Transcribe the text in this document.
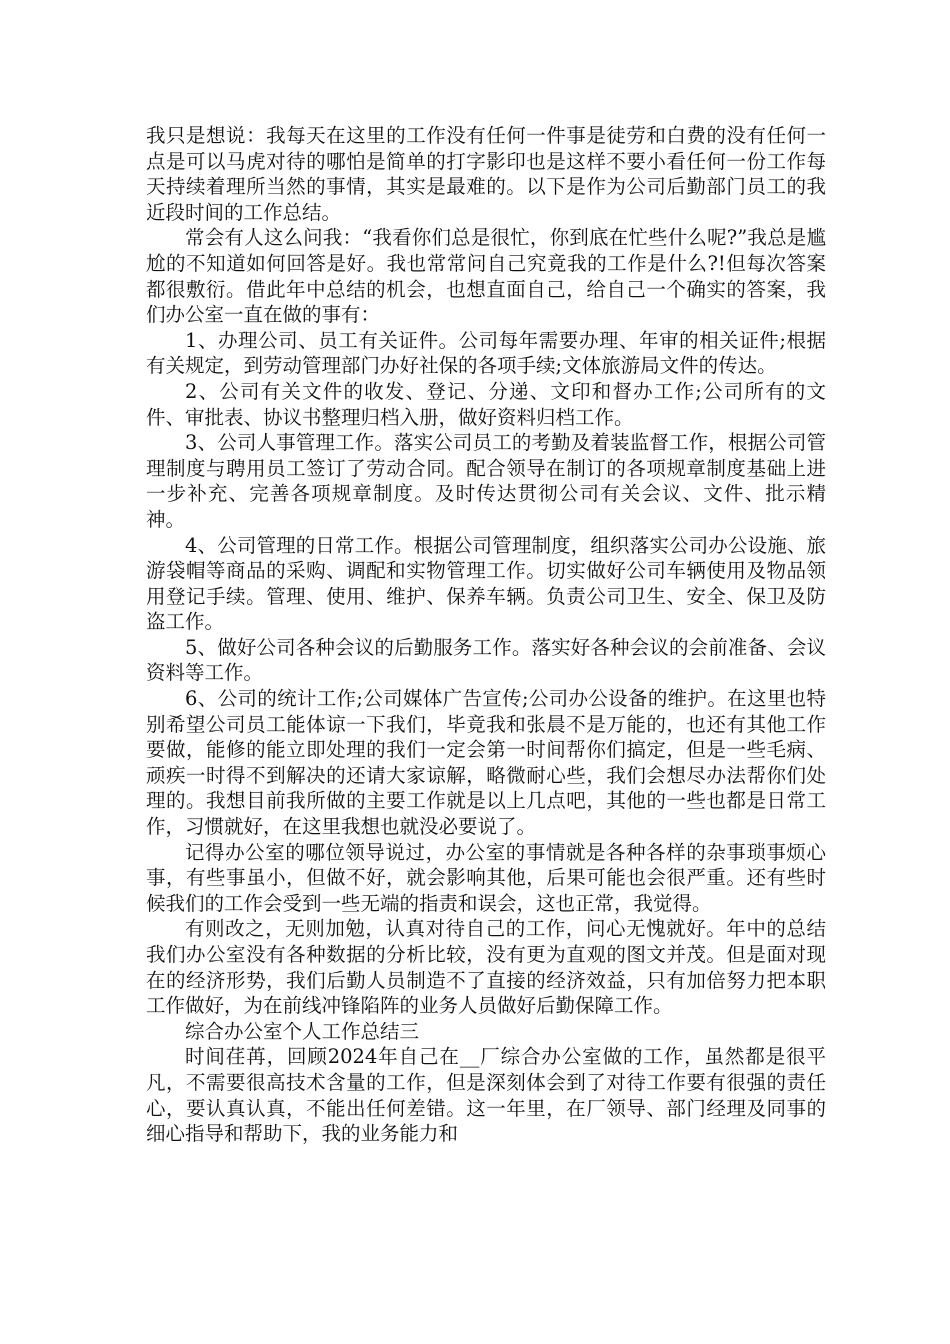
我只是想说：我每天在这里的工作没有任何一件事是徒劳和白费的没有任何一点是可以马虎对待的哪怕是简单的打字影印也是这样不要小看任何一份工作每天持续着理所当然的事情，其实是最难的。以下是作为公司后勤部门员工的我近段时间的工作总结。

常会有人这么问我：“我看你们总是很忙，你到底在忙些什么呢?”我总是尴尬的不知道如何回答是好。我也常常问自己究竟我的工作是什么?!但每次答案都很敷衍。借此年中总结的机会，也想直面自己，给自己一个确实的答案，我们办公室一直在做的事有：

1、办理公司、员工有关证件。公司每年需要办理、年审的相关证件;根据有关规定，到劳动管理部门办好社保的各项手续;文体旅游局文件的传达。

2、公司有关文件的收发、登记、分递、文印和督办工作;公司所有的文件、审批表、协议书整理归档入册，做好资料归档工作。

3、公司人事管理工作。落实公司员工的考勤及着装监督工作，根据公司管理制度与聘用员工签订了劳动合同。配合领导在制订的各项规章制度基础上进一步补充、完善各项规章制度。及时传达贯彻公司有关会议、文件、批示精神。

4、公司管理的日常工作。根据公司管理制度，组织落实公司办公设施、旅游袋帽等商品的采购、调配和实物管理工作。切实做好公司车辆使用及物品领用登记手续。管理、使用、维护、保养车辆。负责公司卫生、安全、保卫及防盗工作。

5、做好公司各种会议的后勤服务工作。落实好各种会议的会前准备、会议资料等工作。

6、公司的统计工作;公司媒体广告宣传;公司办公设备的维护。在这里也特别希望公司员工能体谅一下我们，毕竟我和张晨不是万能的，也还有其他工作要做，能修的能立即处理的我们一定会第一时间帮你们搞定，但是一些毛病、顽疾一时得不到解决的还请大家谅解，略微耐心些，我们会想尽办法帮你们处理的。我想目前我所做的主要工作就是以上几点吧，其他的一些也都是日常工作，习惯就好，在这里我想也就没必要说了。

记得办公室的哪位领导说过，办公室的事情就是各种各样的杂事琐事烦心事，有些事虽小，但做不好，就会影响其他，后果可能也会很严重。还有些时候我们的工作会受到一些无端的指责和误会，这也正常，我觉得。

有则改之，无则加勉，认真对待自己的工作，问心无愧就好。年中的总结我们办公室没有各种数据的分析比较，没有更为直观的图文并茂。但是面对现在的经济形势，我们后勤人员制造不了直接的经济效益，只有加倍努力把本职工作做好，为在前线冲锋陷阵的业务人员做好后勤保障工作。

综合办公室个人工作总结三

时间荏苒，回顾2024年自己在__厂综合办公室做的工作，虽然都是很平凡，不需要很高技术含量的工作，但是深刻体会到了对待工作要有很强的责任心，要认真认真，不能出任何差错。这一年里，在厂领导、部门经理及同事的细心指导和帮助下，我的业务能力和
